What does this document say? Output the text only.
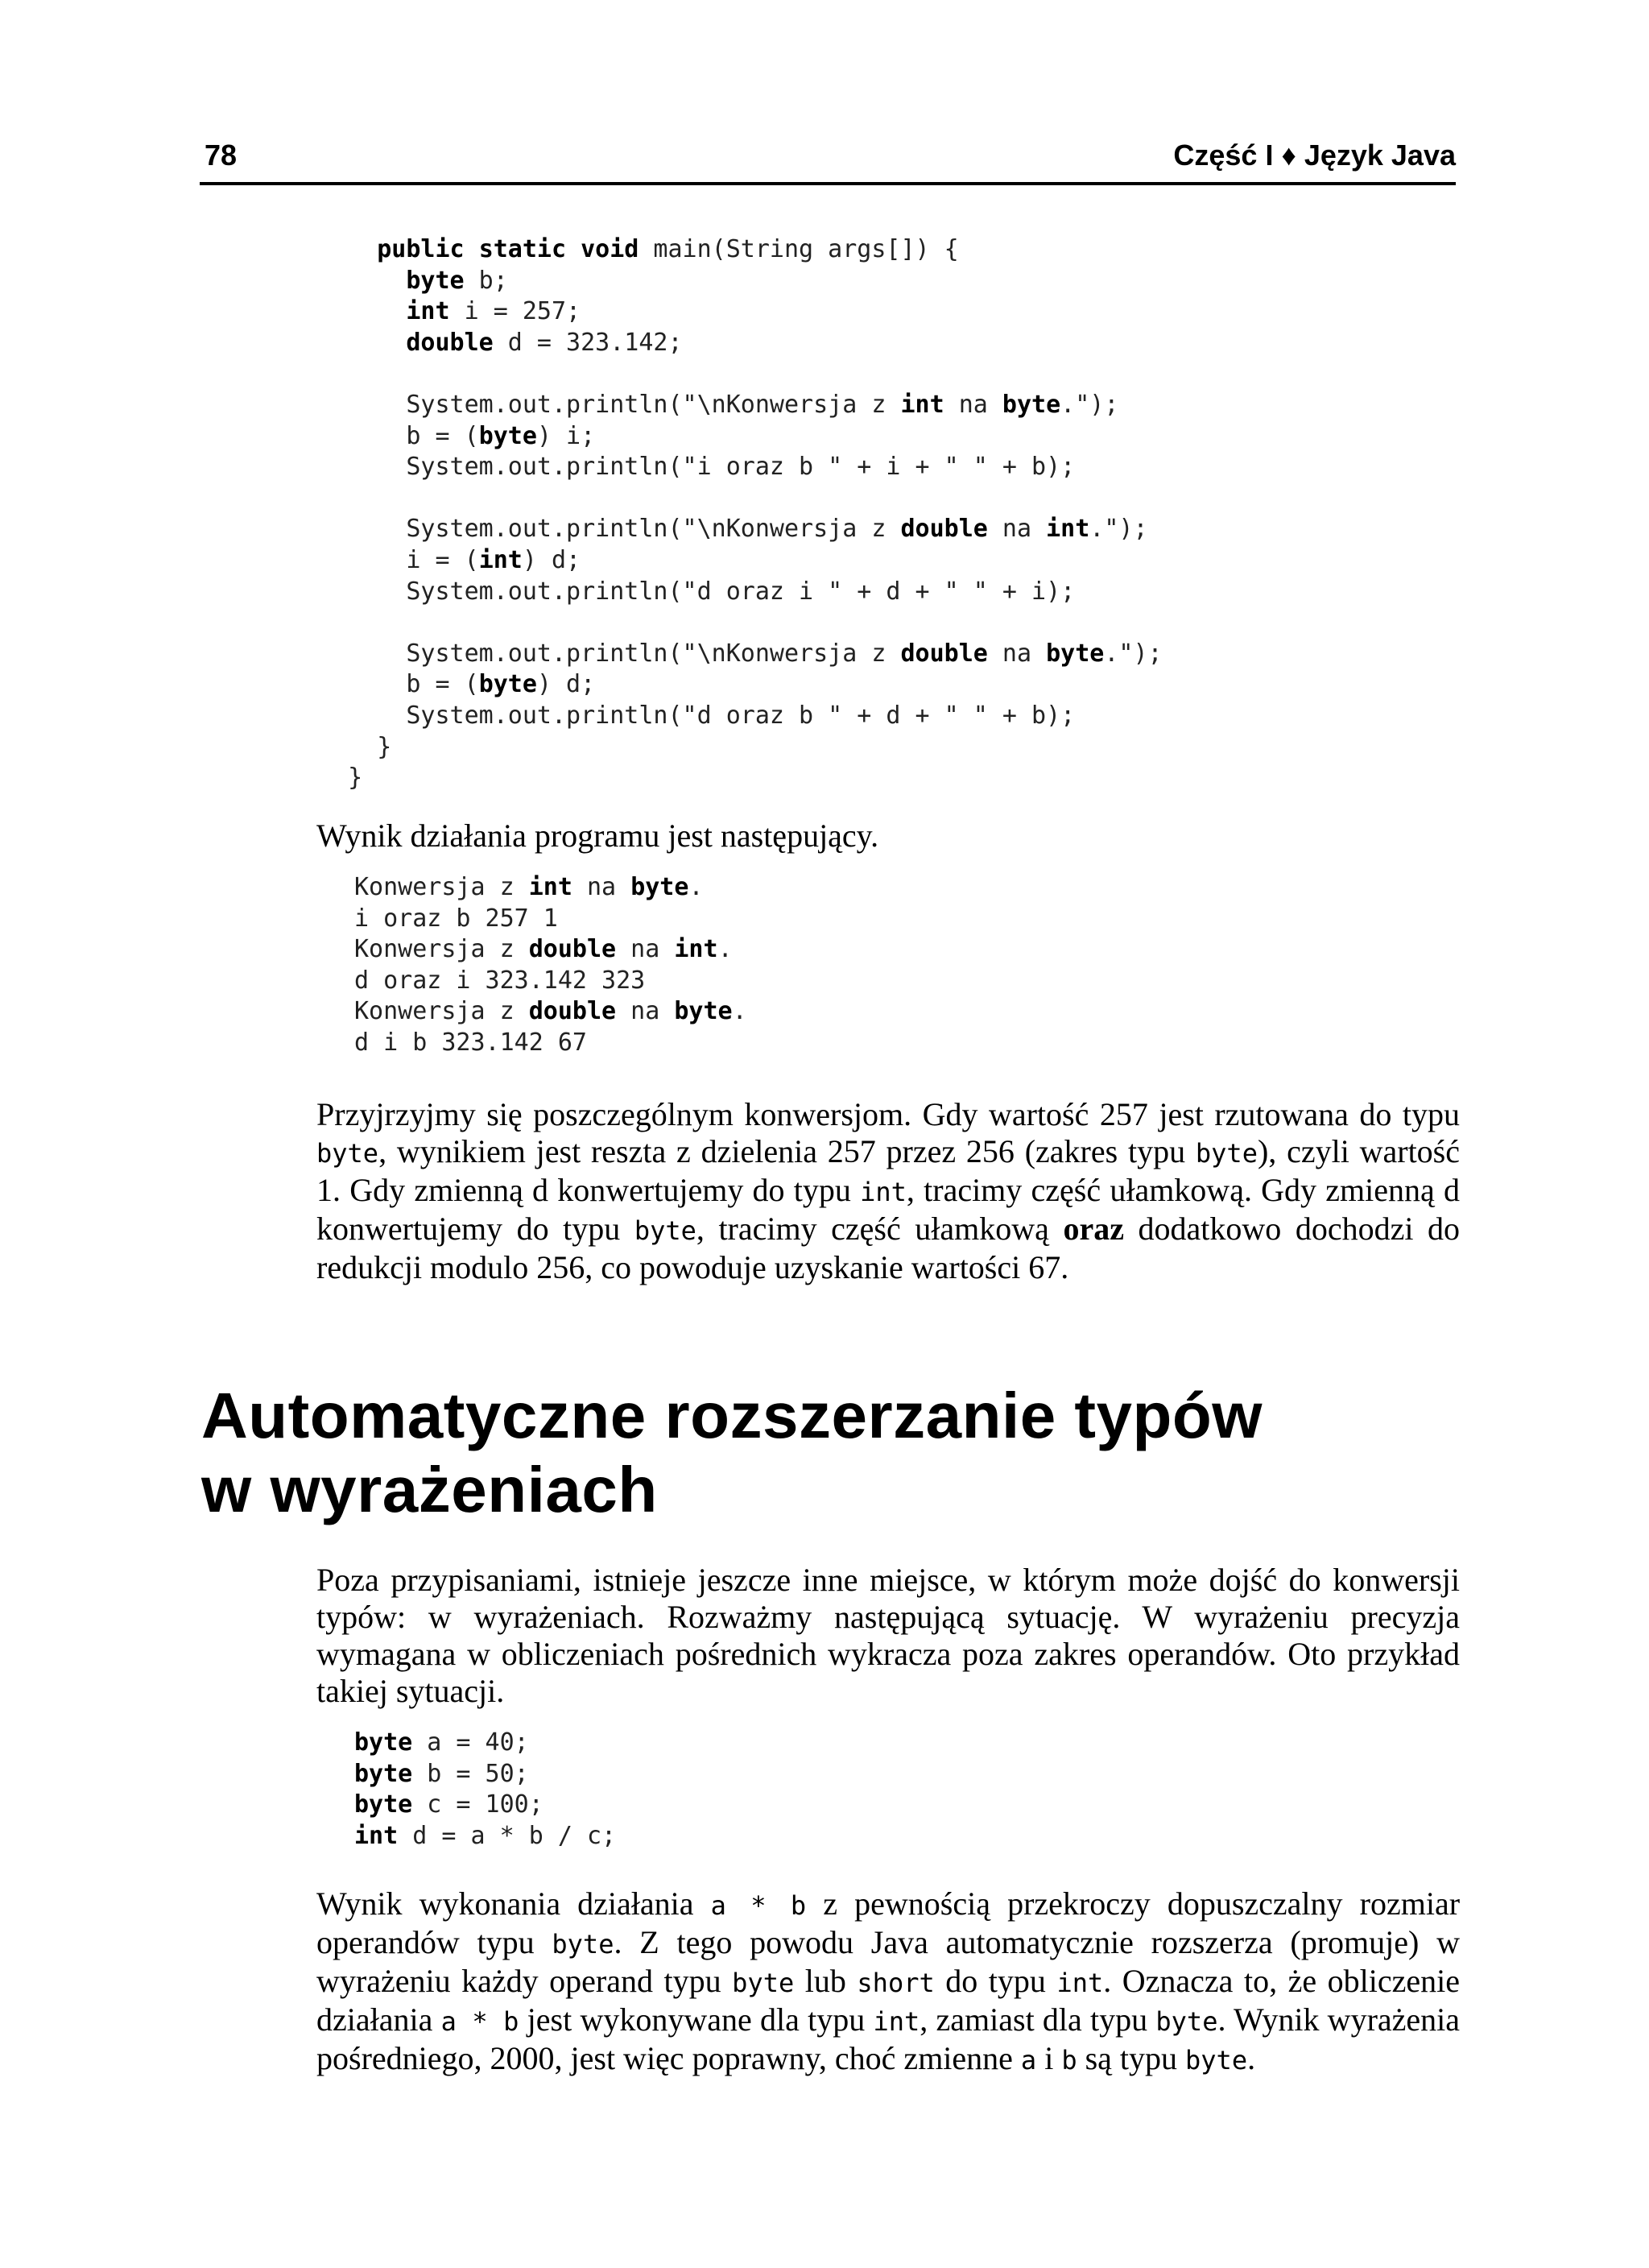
78	Część I ♦ Język Java
public static void main(String args[]) {
byte b;
int i = 257;
double d = 323.142;

System.out.println("\nKonwersja z int na byte.");
b = (byte) i;
System.out.println("i oraz b " + i + " " + b);

System.out.println("\nKonwersja z double na int.");
i = (int) d;
System.out.println("d oraz i " + d + " " + i);

System.out.println("\nKonwersja z double na byte.");
b = (byte) d;
System.out.println("d oraz b " + d + " " + b);
}
}

Wynik działania programu jest następujący.

Konwersja z int na byte.
i oraz b 257 1
Konwersja z double na int.
d oraz i 323.142 323
Konwersja z double na byte.
d i b 323.142 67

Przyjrzyjmy się poszczególnym konwersjom. Gdy wartość 257 jest rzutowana do typu byte, wynikiem jest reszta z dzielenia 257 przez 256 (zakres typu byte), czyli wartość 1. Gdy zmienną d konwertujemy do typu int, tracimy część ułamkową. Gdy zmienną d konwertujemy do typu byte, tracimy część ułamkową oraz dodatkowo dochodzi do redukcji modulo 256, co powoduje uzyskanie wartości 67.

Automatyczne rozszerzanie typów
w wyrażeniach

Poza przypisaniami, istnieje jeszcze inne miejsce, w którym może dojść do konwersji typów: w wyrażeniach. Rozważmy następującą sytuację. W wyrażeniu precyzja wymagana w obliczeniach pośrednich wykracza poza zakres operandów. Oto przykład takiej sytuacji.

byte a = 40;
byte b = 50;
byte c = 100;
int d = a * b / c;

Wynik wykonania działania a * b z pewnością przekroczy dopuszczalny rozmiar operandów typu byte. Z tego powodu Java automatycznie rozszerza (promuje) w wyrażeniu każdy operand typu byte lub short do typu int. Oznacza to, że obliczenie działania a * b jest wykonywane dla typu int, zamiast dla typu byte. Wynik wyrażenia pośredniego, 2000, jest więc poprawny, choć zmienne a i b są typu byte.
